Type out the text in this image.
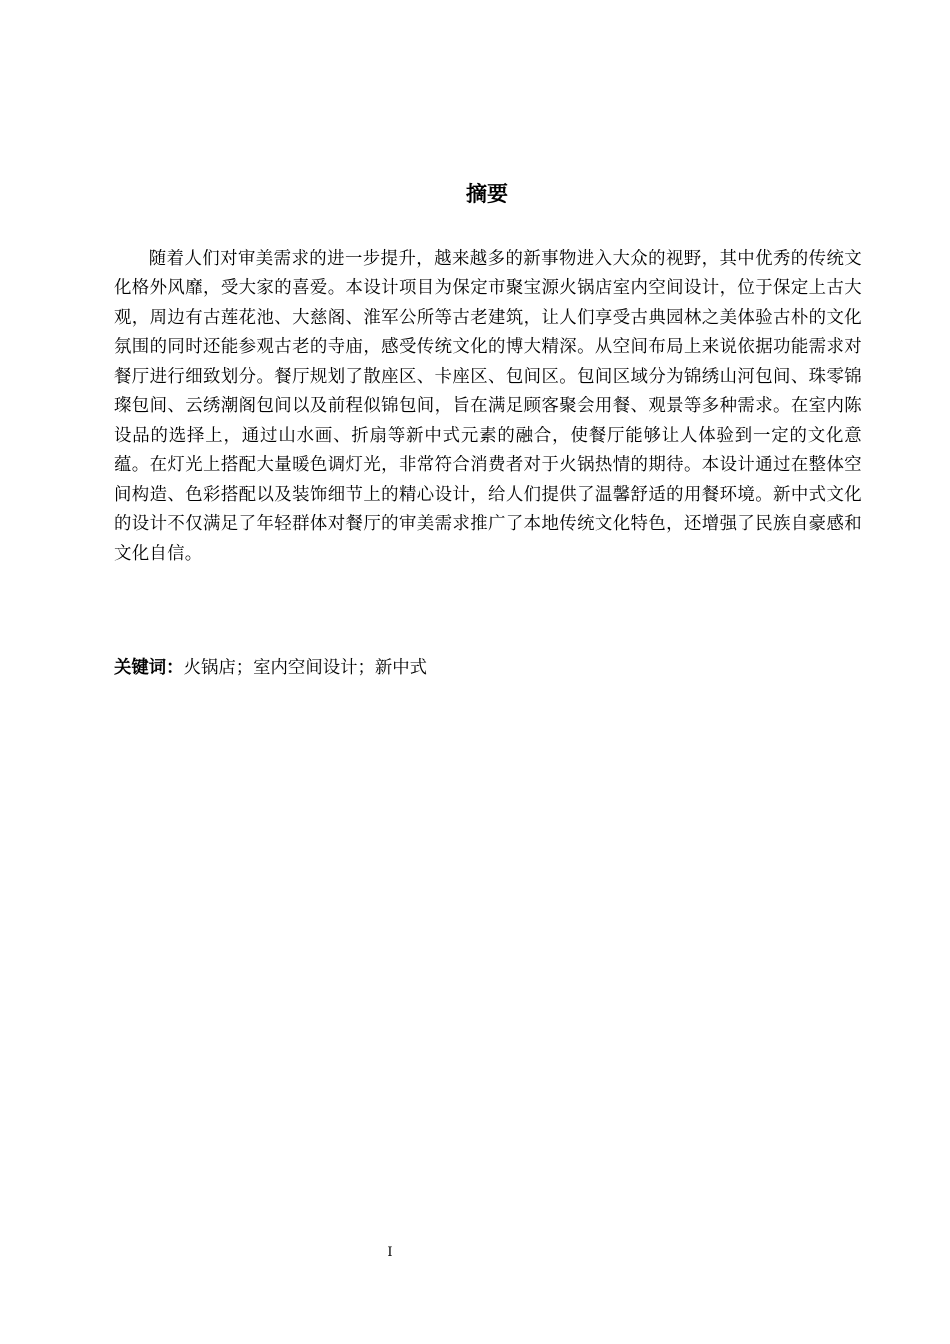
摘要

随着人们对审美需求的进一步提升，越来越多的新事物进入大众的视野，其中优秀的传统文化格外风靡，受大家的喜爱。本设计项目为保定市聚宝源火锅店室内空间设计，位于保定上古大观，周边有古莲花池、大慈阁、淮军公所等古老建筑，让人们享受古典园林之美体验古朴的文化氛围的同时还能参观古老的寺庙，感受传统文化的博大精深。从空间布局上来说依据功能需求对餐厅进行细致划分。餐厅规划了散座区、卡座区、包间区。包间区域分为锦绣山河包间、珠零锦璨包间、云绣潮阁包间以及前程似锦包间，旨在满足顾客聚会用餐、观景等多种需求。在室内陈设品的选择上，通过山水画、折扇等新中式元素的融合，使餐厅能够让人体验到一定的文化意蕴。在灯光上搭配大量暖色调灯光，非常符合消费者对于火锅热情的期待。本设计通过在整体空间构造、色彩搭配以及装饰细节上的精心设计，给人们提供了温馨舒适的用餐环境。新中式文化的设计不仅满足了年轻群体对餐厅的审美需求推广了本地传统文化特色，还增强了民族自豪感和文化自信。

关键词：火锅店；室内空间设计；新中式

I
